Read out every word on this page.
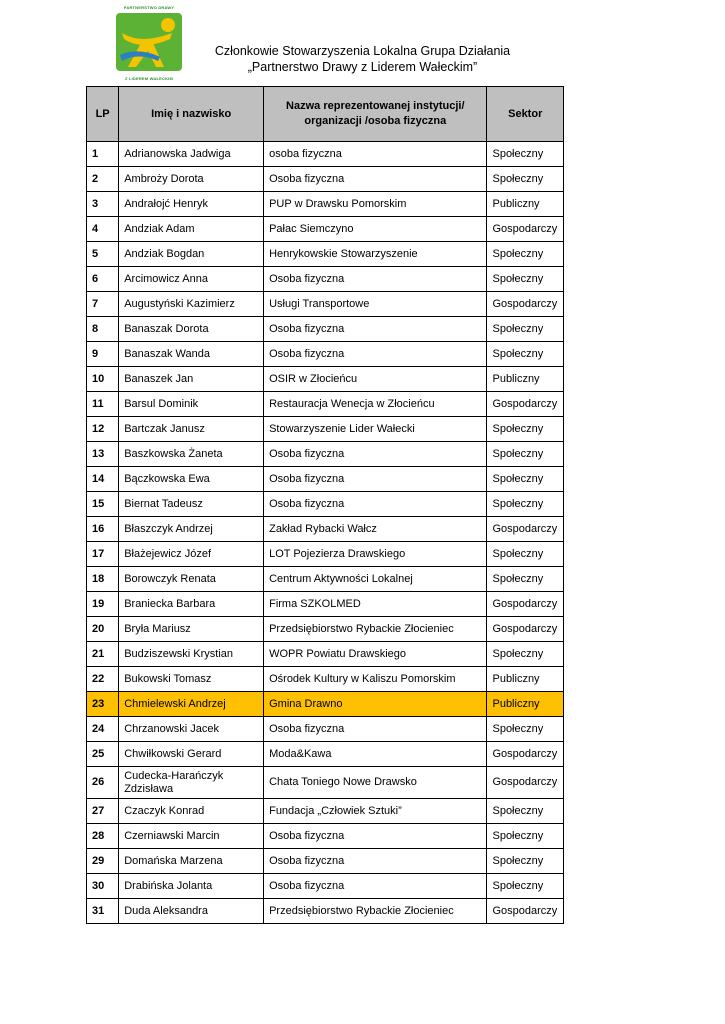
PARTNERSTWO DRAWY
Z LIDEREM WAŁECKIM
Członkowie Stowarzyszenia Lokalna Grupa Działania
„Partnerstwo Drawy z Liderem Wałeckim”
LP	Imię i nazwisko	Nazwa reprezentowanej instytucji/
organizacji /osoba fizyczna	Sektor
1	Adrianowska Jadwiga	osoba fizyczna	Społeczny
2	Ambroży Dorota	Osoba fizyczna	Społeczny
3	Andrałojć Henryk	PUP w Drawsku Pomorskim	Publiczny
4	Andziak Adam	Pałac Siemczyno	Gospodarczy
5	Andziak Bogdan	Henrykowskie Stowarzyszenie	Społeczny
6	Arcimowicz Anna	Osoba fizyczna	Społeczny
7	Augustyński Kazimierz	Usługi Transportowe	Gospodarczy
8	Banaszak Dorota	Osoba fizyczna	Społeczny
9	Banaszak Wanda	Osoba fizyczna	Społeczny
10	Banaszek Jan	OSIR w Złocieńcu	Publiczny
11	Barsul Dominik	Restauracja Wenecja w Złocieńcu	Gospodarczy
12	Bartczak Janusz	Stowarzyszenie Lider Wałecki	Społeczny
13	Baszkowska Żaneta	Osoba fizyczna	Społeczny
14	Bączkowska Ewa	Osoba fizyczna	Społeczny
15	Biernat Tadeusz	Osoba fizyczna	Społeczny
16	Błaszczyk Andrzej	Zakład Rybacki Wałcz	Gospodarczy
17	Błażejewicz Józef	LOT Pojezierza Drawskiego	Społeczny
18	Borowczyk Renata	Centrum Aktywności Lokalnej	Społeczny
19	Braniecka Barbara	Firma SZKOLMED	Gospodarczy
20	Bryła Mariusz	Przedsiębiorstwo Rybackie Złocieniec	Gospodarczy
21	Budziszewski Krystian	WOPR Powiatu Drawskiego	Społeczny
22	Bukowski Tomasz	Ośrodek Kultury w Kaliszu Pomorskim	Publiczny
23	Chmielewski Andrzej	Gmina Drawno	Publiczny
24	Chrzanowski Jacek	Osoba fizyczna	Społeczny
25	Chwiłkowski Gerard	Moda&Kawa	Gospodarczy
26	Cudecka-Harańczyk Zdzisława	Chata Toniego Nowe Drawsko	Gospodarczy
27	Czaczyk Konrad	Fundacja „Człowiek Sztuki”	Społeczny
28	Czerniawski Marcin	Osoba fizyczna	Społeczny
29	Domańska Marzena	Osoba fizyczna	Społeczny
30	Drabińska Jolanta	Osoba fizyczna	Społeczny
31	Duda Aleksandra	Przedsiębiorstwo Rybackie Złocieniec	Gospodarczy
